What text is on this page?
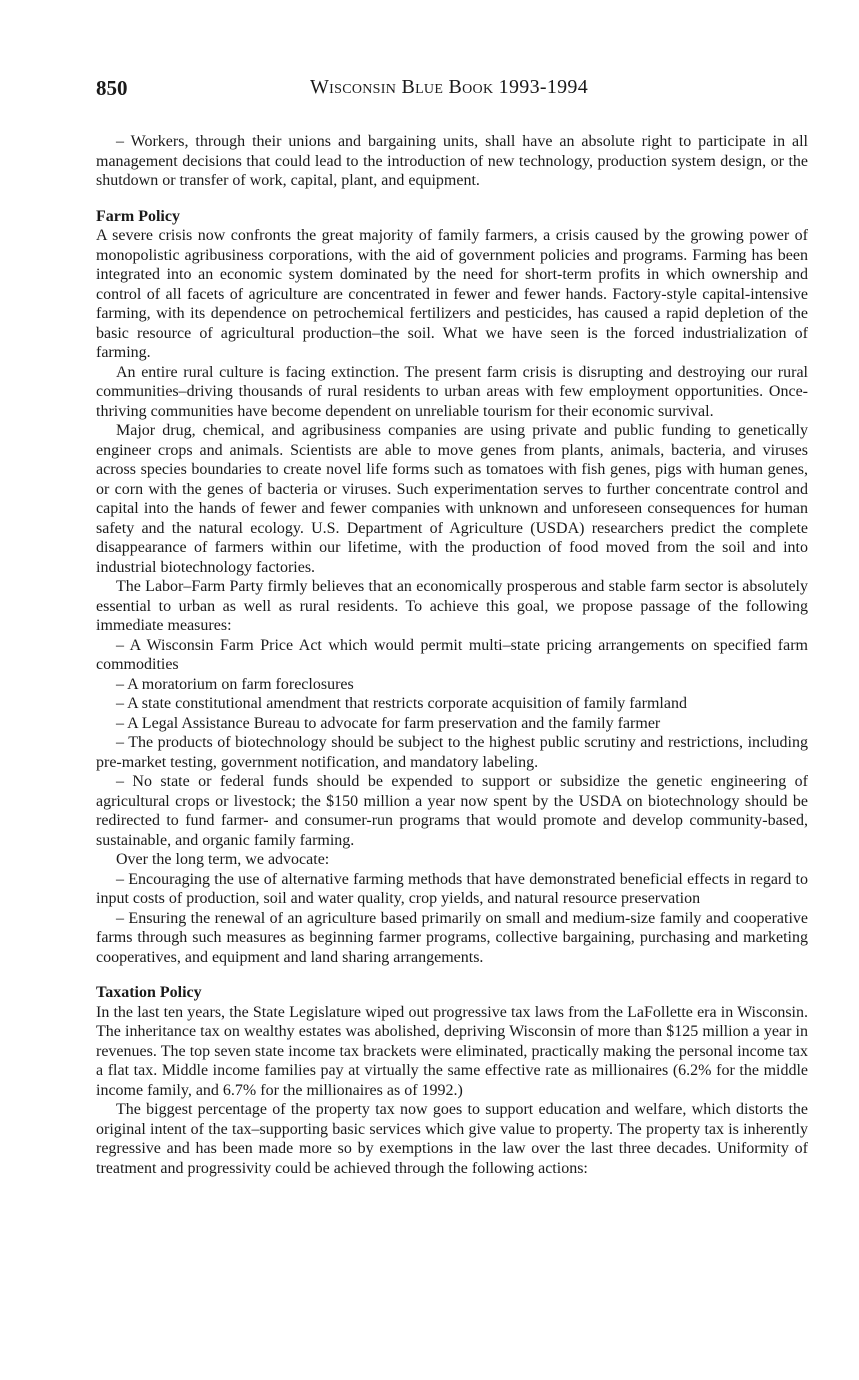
850	Wisconsin Blue Book 1993-1994

– Workers, through their unions and bargaining units, shall have an absolute right to participate in all management decisions that could lead to the introduction of new technology, production system design, or the shutdown or transfer of work, capital, plant, and equipment.

Farm Policy

A severe crisis now confronts the great majority of family farmers, a crisis caused by the growing power of monopolistic agribusiness corporations, with the aid of government policies and programs. Farming has been integrated into an economic system dominated by the need for short-term profits in which ownership and control of all facets of agriculture are concentrated in fewer and fewer hands. Factory-style capital-intensive farming, with its dependence on petrochemical fertilizers and pesticides, has caused a rapid depletion of the basic resource of agricultural production–the soil. What we have seen is the forced industrialization of farming.

An entire rural culture is facing extinction. The present farm crisis is disrupting and destroying our rural communities–driving thousands of rural residents to urban areas with few employment opportunities. Once-thriving communities have become dependent on unreliable tourism for their economic survival.

Major drug, chemical, and agribusiness companies are using private and public funding to genetically engineer crops and animals. Scientists are able to move genes from plants, animals, bacteria, and viruses across species boundaries to create novel life forms such as tomatoes with fish genes, pigs with human genes, or corn with the genes of bacteria or viruses. Such experimentation serves to further concentrate control and capital into the hands of fewer and fewer companies with unknown and unforeseen consequences for human safety and the natural ecology. U.S. Department of Agriculture (USDA) researchers predict the complete disappearance of farmers within our lifetime, with the production of food moved from the soil and into industrial biotechnology factories.

The Labor–Farm Party firmly believes that an economically prosperous and stable farm sector is absolutely essential to urban as well as rural residents. To achieve this goal, we propose passage of the following immediate measures:

– A Wisconsin Farm Price Act which would permit multi–state pricing arrangements on specified farm commodities

– A moratorium on farm foreclosures

– A state constitutional amendment that restricts corporate acquisition of family farmland

– A Legal Assistance Bureau to advocate for farm preservation and the family farmer

– The products of biotechnology should be subject to the highest public scrutiny and restrictions, including pre-market testing, government notification, and mandatory labeling.

– No state or federal funds should be expended to support or subsidize the genetic engineering of agricultural crops or livestock; the $150 million a year now spent by the USDA on biotechnology should be redirected to fund farmer- and consumer-run programs that would promote and develop community-based, sustainable, and organic family farming.

Over the long term, we advocate:

– Encouraging the use of alternative farming methods that have demonstrated beneficial effects in regard to input costs of production, soil and water quality, crop yields, and natural resource preservation

– Ensuring the renewal of an agriculture based primarily on small and medium-size family and cooperative farms through such measures as beginning farmer programs, collective bargaining, purchasing and marketing cooperatives, and equipment and land sharing arrangements.

Taxation Policy

In the last ten years, the State Legislature wiped out progressive tax laws from the LaFollette era in Wisconsin. The inheritance tax on wealthy estates was abolished, depriving Wisconsin of more than $125 million a year in revenues. The top seven state income tax brackets were eliminated, practically making the personal income tax a flat tax. Middle income families pay at virtually the same effective rate as millionaires (6.2% for the middle income family, and 6.7% for the millionaires as of 1992.)

The biggest percentage of the property tax now goes to support education and welfare, which distorts the original intent of the tax–supporting basic services which give value to property. The property tax is inherently regressive and has been made more so by exemptions in the law over the last three decades. Uniformity of treatment and progressivity could be achieved through the following actions:
